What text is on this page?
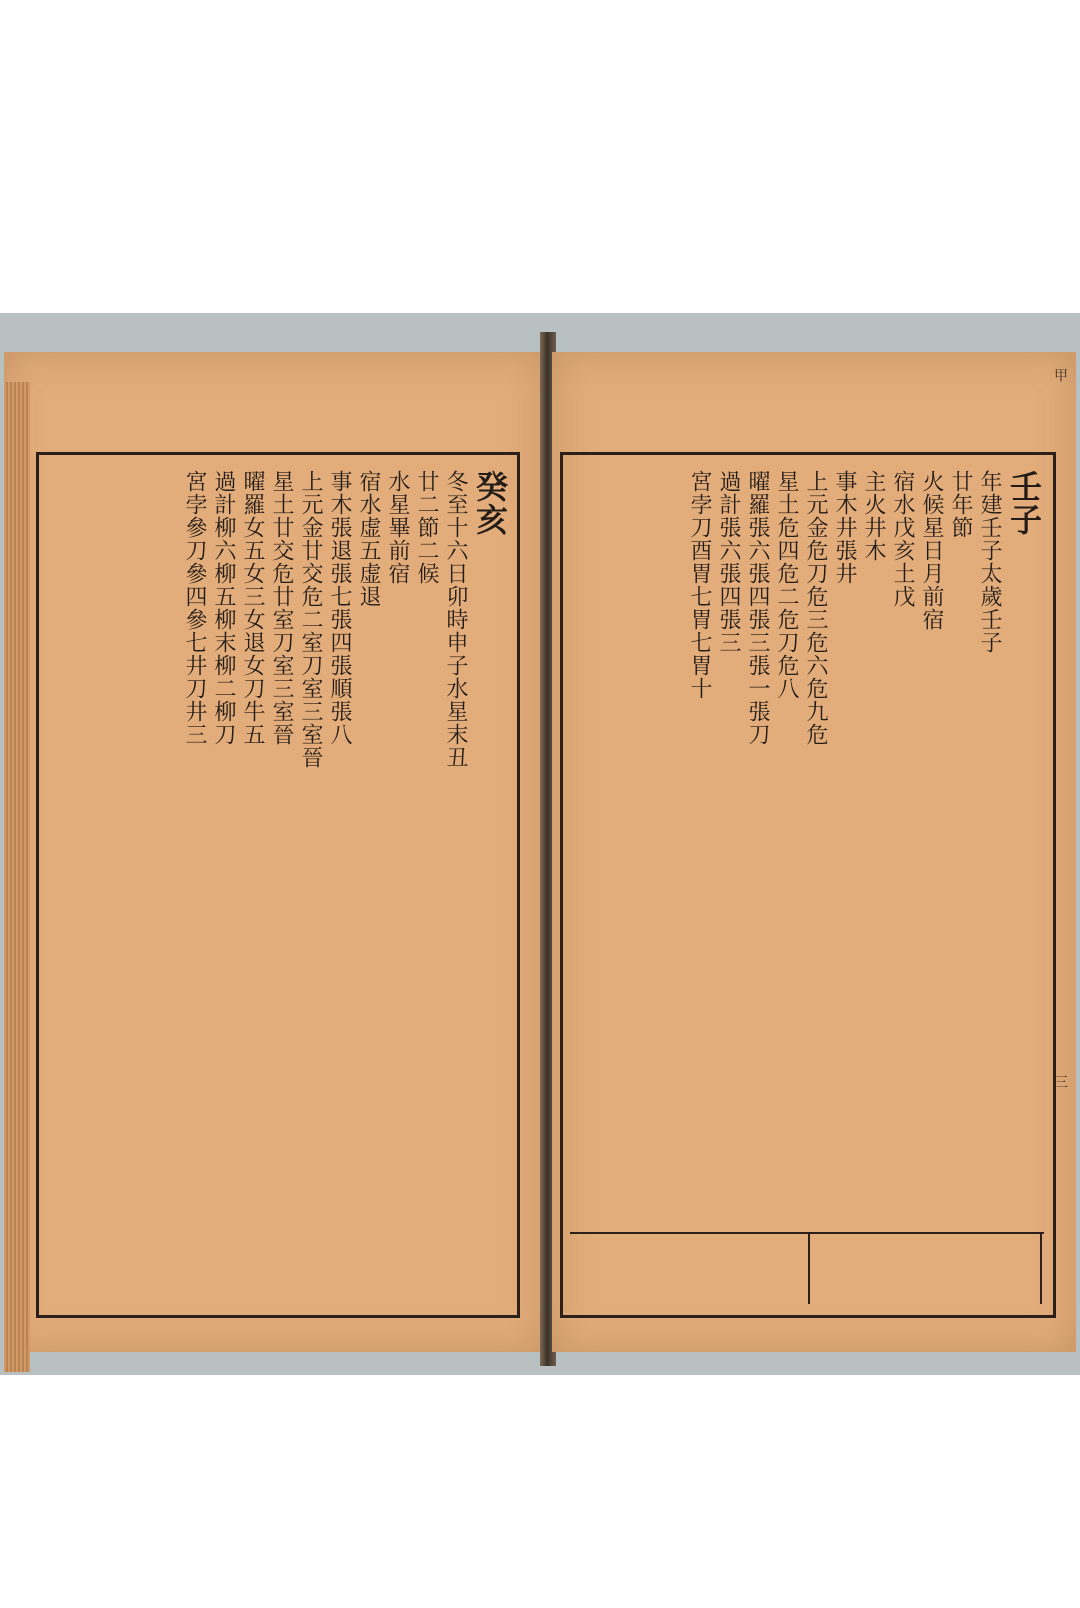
癸亥
冬至十六日卯時申子水星末丑
廿二節二候
水星畢前宿
宿水虚五虚退
事木張退張七張四張順張八
上元金廿交危二室刀室三室晉
星土廿交危廿室刀室三室晉
曜羅女五女三女退女刀牛五
過計柳六柳五柳末柳二柳刀
宮孛參刀參四參七井刀井三	壬子
年建壬子太歲壬子
廿年節
火候星日月前宿
宿水戊亥土戊
主火井木
事木井張井
上元金危刀危三危六危九危
星土危四危二危刀危八
曜羅張六張四張三張一張刀
過計張六張四張三
宮孛刀酉胃七胃七胃十
甲
三
